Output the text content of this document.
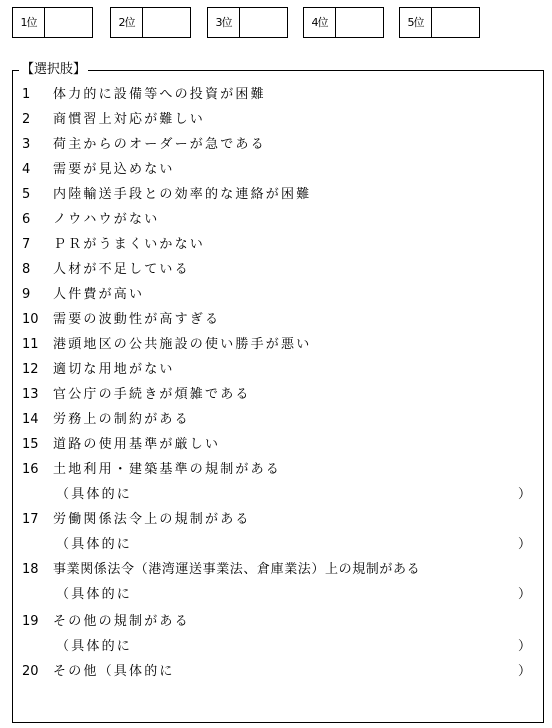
1位	2位	3位	4位	5位
【選択肢】
1	体力的に設備等への投資が困難
2	商慣習上対応が難しい
3	荷主からのオーダーが急である
4	需要が見込めない
5	内陸輸送手段との効率的な連絡が困難
6	ノウハウがない
7	ＰＲがうまくいかない
8	人材が不足している
9	人件費が高い
10	需要の波動性が高すぎる
11	港頭地区の公共施設の使い勝手が悪い
12	適切な用地がない
13	官公庁の手続きが煩雑である
14	労務上の制約がある
15	道路の使用基準が厳しい
16	土地利用・建築基準の規制がある
（具体的に	）
17	労働関係法令上の規制がある
（具体的に	）
18	事業関係法令（港湾運送事業法、倉庫業法）上の規制がある
（具体的に	）
19	その他の規制がある
（具体的に	）
20	その他（具体的に	）
